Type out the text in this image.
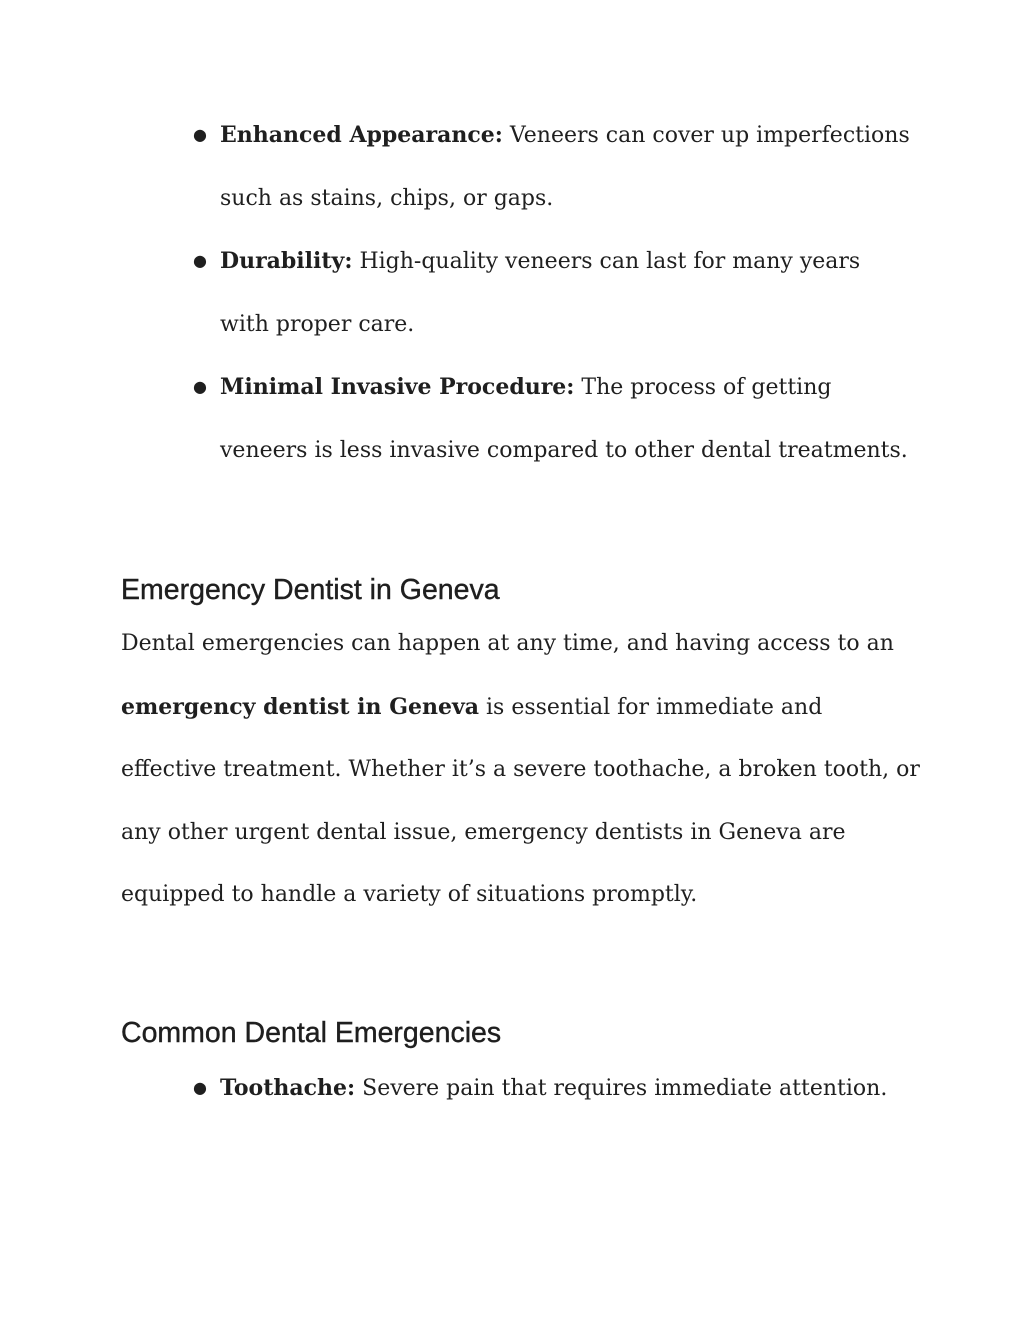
●
Enhanced Appearance: Veneers can cover up imperfections such as stains, chips, or gaps.
●
Durability: High-quality veneers can last for many years with proper care.
●
Minimal Invasive Procedure: The process of getting veneers is less invasive compared to other dental treatments.
Emergency Dentist in Geneva

Dental emergencies can happen at any time, and having access to an emergency dentist in Geneva is essential for immediate and effective treatment. Whether it’s a severe toothache, a broken tooth, or any other urgent dental issue, emergency dentists in Geneva are equipped to handle a variety of situations promptly.

Common Dental Emergencies
●
Toothache: Severe pain that requires immediate attention.
